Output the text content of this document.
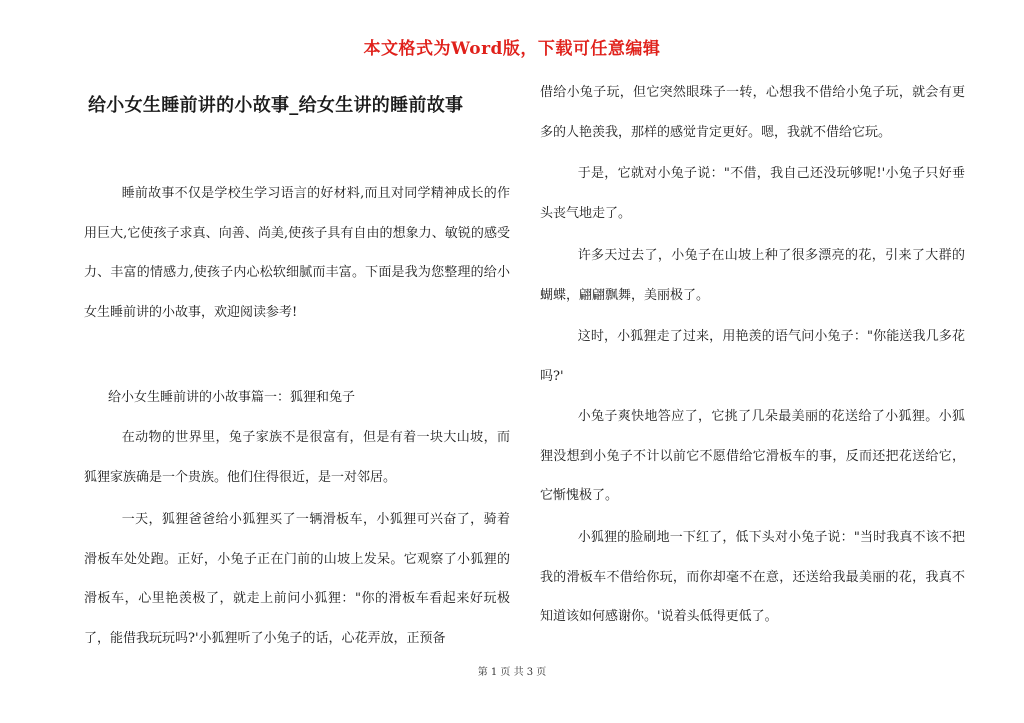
本文格式为Word版，下载可任意编辑
给小女生睡前讲的小故事_给女生讲的睡前故事

睡前故事不仅是学校生学习语言的好材料,而且对同学精神成长的作用巨大,它使孩子求真、向善、尚美,使孩子具有自由的想象力、敏锐的感受力、丰富的情感力,使孩子内心松软细腻而丰富。下面是我为您整理的给小女生睡前讲的小故事，欢迎阅读参考!

给小女生睡前讲的小故事篇一：狐狸和兔子

在动物的世界里，兔子家族不是很富有，但是有着一块大山坡，而狐狸家族确是一个贵族。他们住得很近，是一对邻居。

一天，狐狸爸爸给小狐狸买了一辆滑板车，小狐狸可兴奋了，骑着滑板车处处跑。正好，小兔子正在门前的山坡上发呆。它观察了小狐狸的滑板车，心里艳羡极了，就走上前问小狐狸："你的滑板车看起来好玩极了，能借我玩玩吗?'小狐狸听了小兔子的话，心花弄放，正预备

借给小兔子玩，但它突然眼珠子一转，心想我不借给小兔子玩，就会有更多的人艳羡我，那样的感觉肯定更好。嗯，我就不借给它玩。

于是，它就对小兔子说："不借，我自己还没玩够呢!'小兔子只好垂头丧气地走了。

许多天过去了，小兔子在山坡上种了很多漂亮的花，引来了大群的蝴蝶，翩翩飘舞，美丽极了。

这时，小狐狸走了过来，用艳羡的语气问小兔子："你能送我几多花吗?'

小兔子爽快地答应了，它挑了几朵最美丽的花送给了小狐狸。小狐狸没想到小兔子不计以前它不愿借给它滑板车的事，反而还把花送给它，它惭愧极了。

小狐狸的脸刷地一下红了，低下头对小兔子说："当时我真不该不把我的滑板车不借给你玩，而你却毫不在意，还送给我最美丽的花，我真不知道该如何感谢你。'说着头低得更低了。

第 1 页 共 3 页
